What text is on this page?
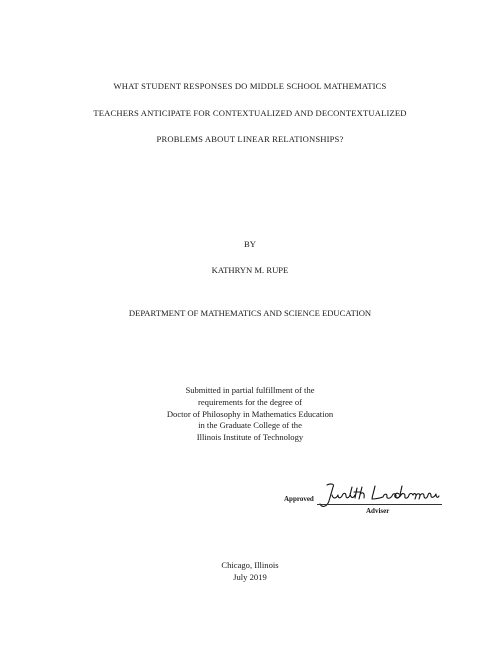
WHAT STUDENT RESPONSES DO MIDDLE SCHOOL MATHEMATICS
TEACHERS ANTICIPATE FOR CONTEXTUALIZED AND DECONTEXTUALIZED
PROBLEMS ABOUT LINEAR RELATIONSHIPS?
BY
KATHRYN M. RUPE
DEPARTMENT OF MATHEMATICS AND SCIENCE EDUCATION
Submitted in partial fulfillment of the
requirements for the degree of
Doctor of Philosophy in Mathematics Education
in the Graduate College of the
Illinois Institute of Technology
Approved
Adviser
Chicago, Illinois
July 2019
